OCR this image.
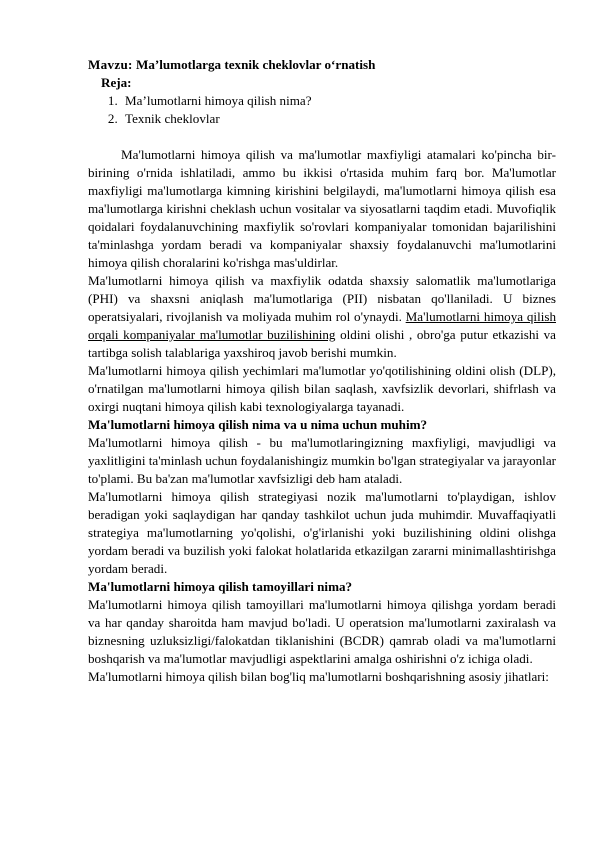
Mavzu: Ma’lumotlarga texnik cheklovlar o‘rnatish

Reja:

1. Ma’lumotlarni himoya qilish nima?
2. Texnik cheklovlar

Ma'lumotlarni himoya qilish va ma'lumotlar maxfiyligi atamalari ko'pincha bir-birining o'rnida ishlatiladi, ammo bu ikkisi o'rtasida muhim farq bor. Ma'lumotlar maxfiyligi ma'lumotlarga kimning kirishini belgilaydi, ma'lumotlarni himoya qilish esa ma'lumotlarga kirishni cheklash uchun vositalar va siyosatlarni taqdim etadi. Muvofiqlik qoidalari foydalanuvchining maxfiylik so'rovlari kompaniyalar tomonidan bajarilishini ta'minlashga yordam beradi va kompaniyalar shaxsiy foydalanuvchi ma'lumotlarini himoya qilish choralarini ko'rishga mas'uldirlar.

Ma'lumotlarni himoya qilish va maxfiylik odatda shaxsiy salomatlik ma'lumotlariga (PHI) va shaxsni aniqlash ma'lumotlariga (PII) nisbatan qo'llaniladi. U biznes operatsiyalari, rivojlanish va moliyada muhim rol o'ynaydi. Ma'lumotlarni himoya qilish orqali kompaniyalar ma'lumotlar buzilishining oldini olishi , obro'ga putur etkazishi va tartibga solish talablariga yaxshiroq javob berishi mumkin.

Ma'lumotlarni himoya qilish yechimlari ma'lumotlar yo'qotilishining oldini olish (DLP), o'rnatilgan ma'lumotlarni himoya qilish bilan saqlash, xavfsizlik devorlari, shifrlash va oxirgi nuqtani himoya qilish kabi texnologiyalarga tayanadi.

Ma'lumotlarni himoya qilish nima va u nima uchun muhim?

Ma'lumotlarni himoya qilish - bu ma'lumotlaringizning maxfiyligi, mavjudligi va yaxlitligini ta'minlash uchun foydalanishingiz mumkin bo'lgan strategiyalar va jarayonlar to'plami. Bu ba'zan ma'lumotlar xavfsizligi deb ham ataladi.

Ma'lumotlarni himoya qilish strategiyasi nozik ma'lumotlarni to'playdigan, ishlov beradigan yoki saqlaydigan har qanday tashkilot uchun juda muhimdir. Muvaffaqiyatli strategiya ma'lumotlarning yo'qolishi, o'g'irlanishi yoki buzilishining oldini olishga yordam beradi va buzilish yoki falokat holatlarida etkazilgan zararni minimallashtirishga yordam beradi.

Ma'lumotlarni himoya qilish tamoyillari nima?

Ma'lumotlarni himoya qilish tamoyillari ma'lumotlarni himoya qilishga yordam beradi va har qanday sharoitda ham mavjud bo'ladi. U operatsion ma'lumotlarni zaxiralash va biznesning uzluksizligi/falokatdan tiklanishini (BCDR) qamrab oladi va ma'lumotlarni boshqarish va ma'lumotlar mavjudligi aspektlarini amalga oshirishni o'z ichiga oladi.

Ma'lumotlarni himoya qilish bilan bog'liq ma'lumotlarni boshqarishning asosiy jihatlari:
